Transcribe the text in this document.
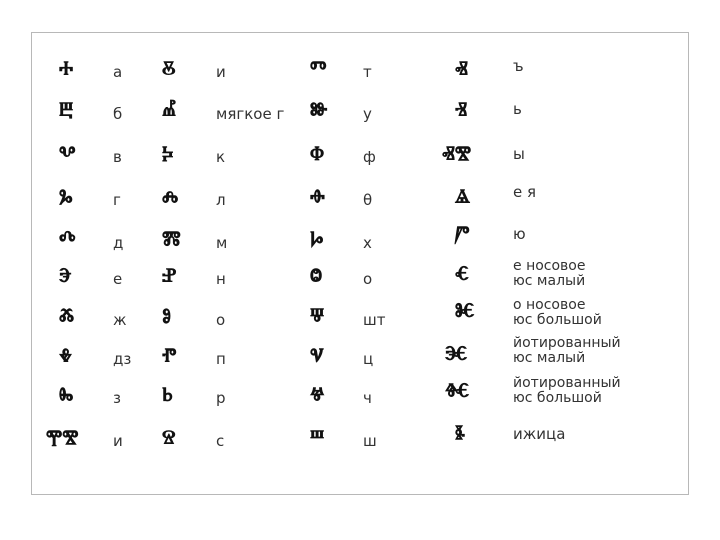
ⰰ	а
ⰱ	б
ⰲ в
ⰳ	г
ⰴ д
ⰵ	е
ⰶ	ж
ⰷ	дз
ⰸ	з
ⰹⰺ и
ⰻ	и
ⰼ	мягкое г
ⰽ	к
ⰾ	л
ⰿ м
ⱀ	н
ⱁ	о
ⱂ	п
ⱃ	р
ⱄ	с
ⱅ т
ⱆ у
ⱇ	ф
ⱚ	θ
ⱈ	х
ⱉ	о
ⱋ	шт
ⱌ	ц
ⱍ	ч
ⱎ	ш
ⱏ	ъ
ⱐ	ь
ⱏⰺ	ы
ⱑ	е я
ⱓ	ю
ⱔ	е носовое
юс малый
ⱘ	о носовое
юс большой
ⱗ	йотированный
юс малый
ⱙ	йотированный
юс большой
ⱛ	ижица
